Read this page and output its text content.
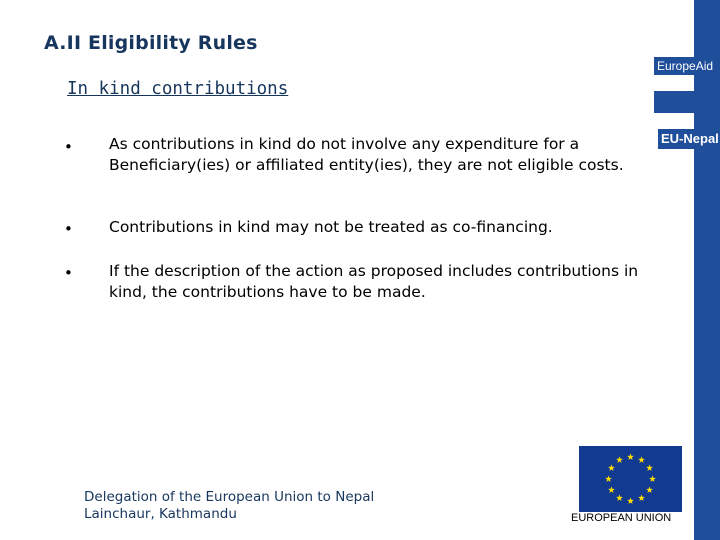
A.II Eligibility Rules
EuropeAid
EU-Nepal
In kind contributions
• As contributions in kind do not involve any expenditure for a Beneficiary(ies) or affiliated entity(ies), they are not eligible costs.
• Contributions in kind may not be treated as co-financing.
• If the description of the action as proposed includes contributions in kind, the contributions have to be made.
Delegation of the European Union to Nepal
Lainchaur, Kathmandu	EUROPEAN UNION
